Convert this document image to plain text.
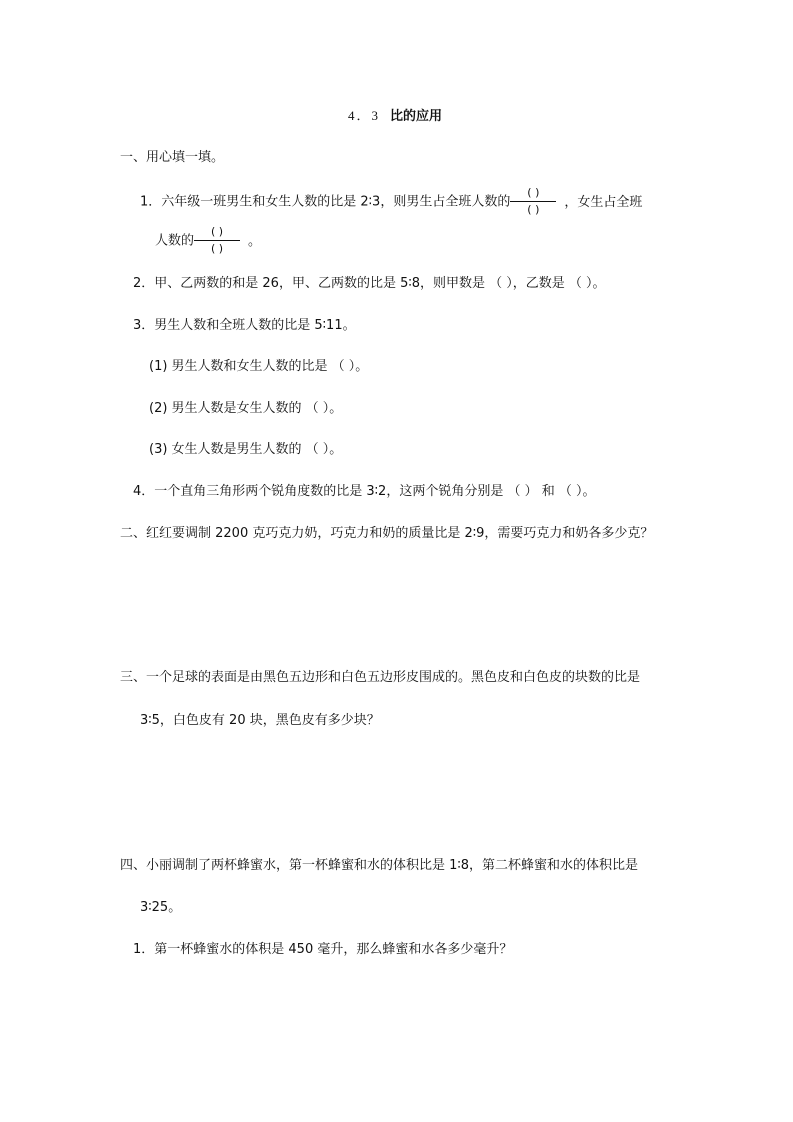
4．3 比的应用
一、用心填一填。
1．六年级一班男生和女生人数的比是 2∶3，则男生占全班人数的 $\frac{( )}{( )}$ ，女生占全班
人数的 $\frac{( )}{( )}$ 。
2．甲、乙两数的和是 26，甲、乙两数的比是 5∶8，则甲数是 （ ），乙数是 （ ）。
3．男生人数和全班人数的比是 5∶11。
(1) 男生人数和女生人数的比是 （ ）。
(2) 男生人数是女生人数的 （ ）。
(3) 女生人数是男生人数的 （ ）。
4．一个直角三角形两个锐角度数的比是 3∶2，这两个锐角分别是 （ ） 和 （ ）。
二、红红要调制 2200 克巧克力奶，巧克力和奶的质量比是 2∶9，需要巧克力和奶各多少克？
三、一个足球的表面是由黑色五边形和白色五边形皮围成的。黑色皮和白色皮的块数的比是
3∶5，白色皮有 20 块，黑色皮有多少块？
四、小丽调制了两杯蜂蜜水，第一杯蜂蜜和水的体积比是 1∶8，第二杯蜂蜜和水的体积比是
3∶25。
1．第一杯蜂蜜水的体积是 450 毫升，那么蜂蜜和水各多少毫升？
